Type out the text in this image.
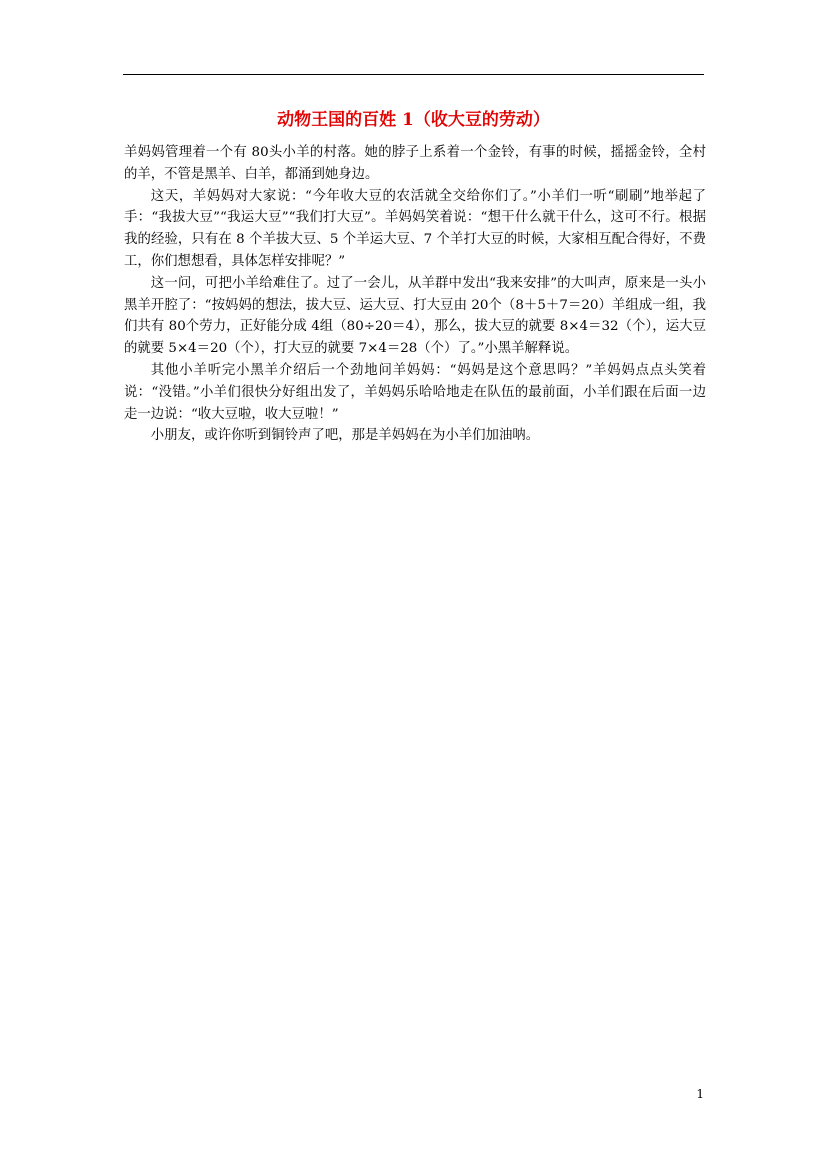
动物王国的百姓 1（收大豆的劳动）

羊妈妈管理着一个有 80头小羊的村落。她的脖子上系着一个金铃，有事的时候，摇摇金铃，全村的羊，不管是黑羊、白羊，都涌到她身边。

这天，羊妈妈对大家说：“今年收大豆的农活就全交给你们了。”小羊们一听“刷刷”地举起了手：“我拔大豆”“我运大豆”“我们打大豆”。羊妈妈笑着说：“想干什么就干什么，这可不行。根据我的经验，只有在 8 个羊拔大豆、5 个羊运大豆、7 个羊打大豆的时候，大家相互配合得好，不费工，你们想想看，具体怎样安排呢？”

这一问，可把小羊给难住了。过了一会儿，从羊群中发出“我来安排”的大叫声，原来是一头小黑羊开腔了：“按妈妈的想法，拔大豆、运大豆、打大豆由 20个（8＋5＋7＝20）羊组成一组，我们共有 80个劳力，正好能分成 4组（80÷20＝4），那么，拔大豆的就要 8×4＝32（个），运大豆的就要 5×4＝20（个），打大豆的就要 7×4＝28（个）了。”小黑羊解释说。

其他小羊听完小黑羊介绍后一个劲地问羊妈妈：“妈妈是这个意思吗？”羊妈妈点点头笑着说：“没错。”小羊们很快分好组出发了，羊妈妈乐哈哈地走在队伍的最前面，小羊们跟在后面一边走一边说：“收大豆啦，收大豆啦！”

小朋友，或许你听到铜铃声了吧，那是羊妈妈在为小羊们加油呐。

1
